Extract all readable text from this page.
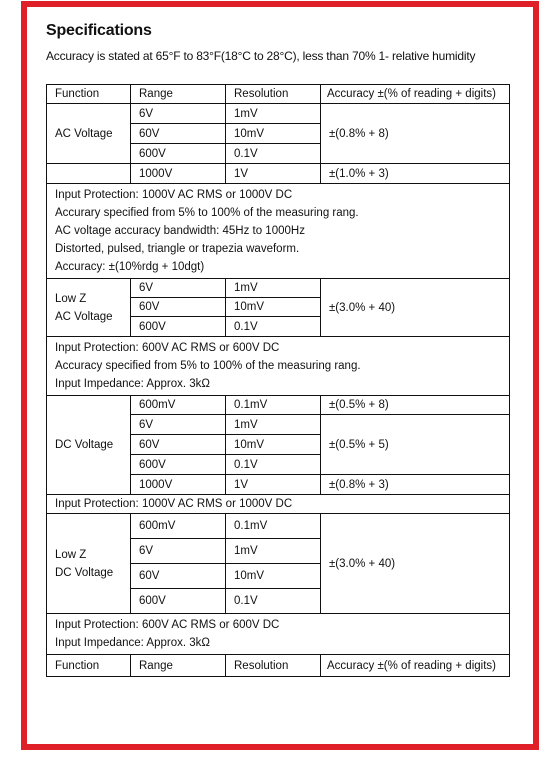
Specifications
Accuracy is stated at 65°F to 83°F(18°C to 28°C), less than 70% 1- relative humidity
Function	Range	Resolution	Accuracy ±(% of reading + digits)
AC Voltage	6V	1mV	±(0.8% + 8)
	60V	10mV	
	600V	0.1V	
	1000V	1V	±(1.0% + 3)

Input Protection: 1000V AC RMS or 1000V DC
Accurary specified from 5% to 100% of the measuring rang.
AC voltage accuracy bandwidth: 45Hz to 1000Hz
Distorted, pulsed, triangle or trapezia waveform.
Accuracy: ±(10%rdg + 10dgt)			

Low Z
AC Voltage	6V	1mV	±(3.0% + 40)
	60V	10mV	
	600V	0.1V	

Input Protection: 600V AC RMS or 600V DC
Accuracy specified from 5% to 100% of the measuring rang.
Input Impedance: Approx. 3kΩ			

DC Voltage	600mV	0.1mV	±(0.5% + 8)
	6V	1mV	±(0.5% + 5)
	60V	10mV	
	600V	0.1V	
	1000V	1V	±(0.8% + 3)

Input Protection: 1000V AC RMS or 1000V DC			

Low Z
DC Voltage	600mV	0.1mV	±(3.0% + 40)
	6V	1mV	
	60V	10mV	
	600V	0.1V	

Input Protection: 600V AC RMS or 600V DC
Input Impedance: Approx. 3kΩ			

Function	Range	Resolution	Accuracy ±(% of reading + digits)
